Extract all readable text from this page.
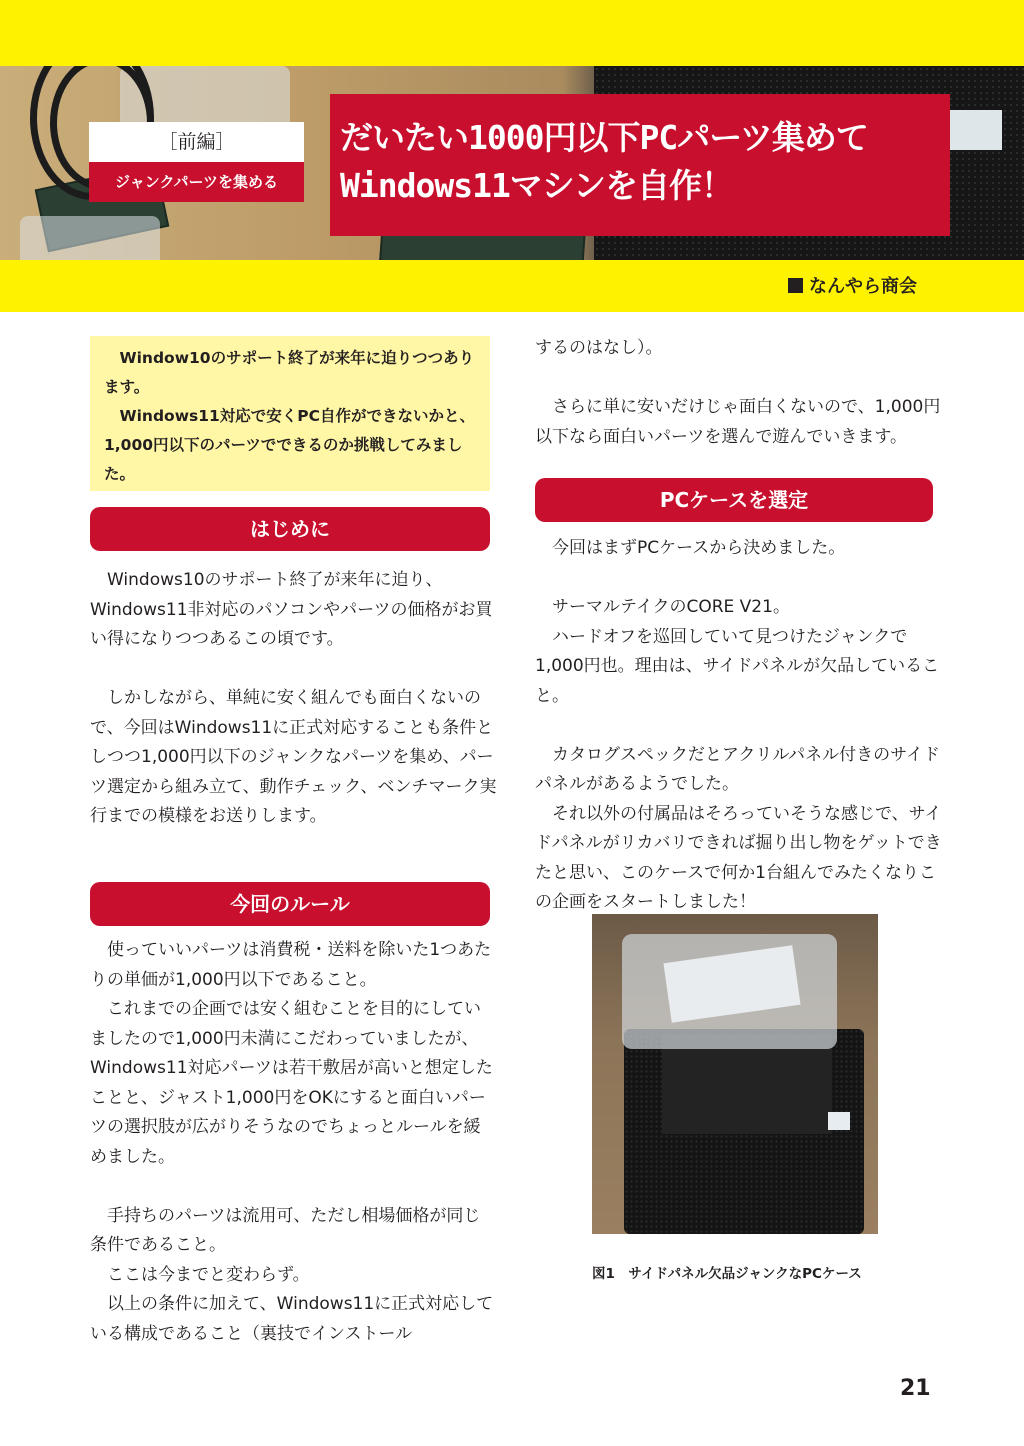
［前編］
ジャンクパーツを集める
だいたい1000円以下PCパーツ集めて
Windows11マシンを自作！
なんやら商会

　Window10のサポート終了が来年に迫りつつあります。

　Windows11対応で安くPC自作ができないかと、1,000円以下のパーツでできるのか挑戦してみました。

はじめに

　Windows10のサポート終了が来年に迫り、Windows11非対応のパソコンやパーツの価格がお買い得になりつつあるこの頃です。

　しかしながら、単純に安く組んでも面白くないので、今回はWindows11に正式対応することも条件としつつ1,000円以下のジャンクなパーツを集め、パーツ選定から組み立て、動作チェック、ベンチマーク実行までの模様をお送りします。

今回のルール

　使っていいパーツは消費税・送料を除いた1つあたりの単価が1,000円以下であること。

　これまでの企画では安く組むことを目的にしていましたので1,000円未満にこだわっていましたが、Windows11対応パーツは若干敷居が高いと想定したことと、ジャスト1,000円をOKにすると面白いパーツの選択肢が広がりそうなのでちょっとルールを緩めました。

　手持ちのパーツは流用可、ただし相場価格が同じ条件であること。

　ここは今までと変わらず。

　以上の条件に加えて、Windows11に正式対応している構成であること（裏技でインストール

するのはなし）。

　さらに単に安いだけじゃ面白くないので、1,000円以下なら面白いパーツを選んで遊んでいきます。

PCケースを選定

　今回はまずPCケースから決めました。

　サーマルテイクのCORE V21。

　ハードオフを巡回していて見つけたジャンクで1,000円也。理由は、サイドパネルが欠品していること。

　カタログスペックだとアクリルパネル付きのサイドパネルがあるようでした。

　それ以外の付属品はそろっていそうな感じで、サイドパネルがリカバリできれば掘り出し物をゲットできたと思い、このケースで何か1台組んでみたくなりこの企画をスタートしました！

図1　サイドパネル欠品ジャンクなPCケース
21
